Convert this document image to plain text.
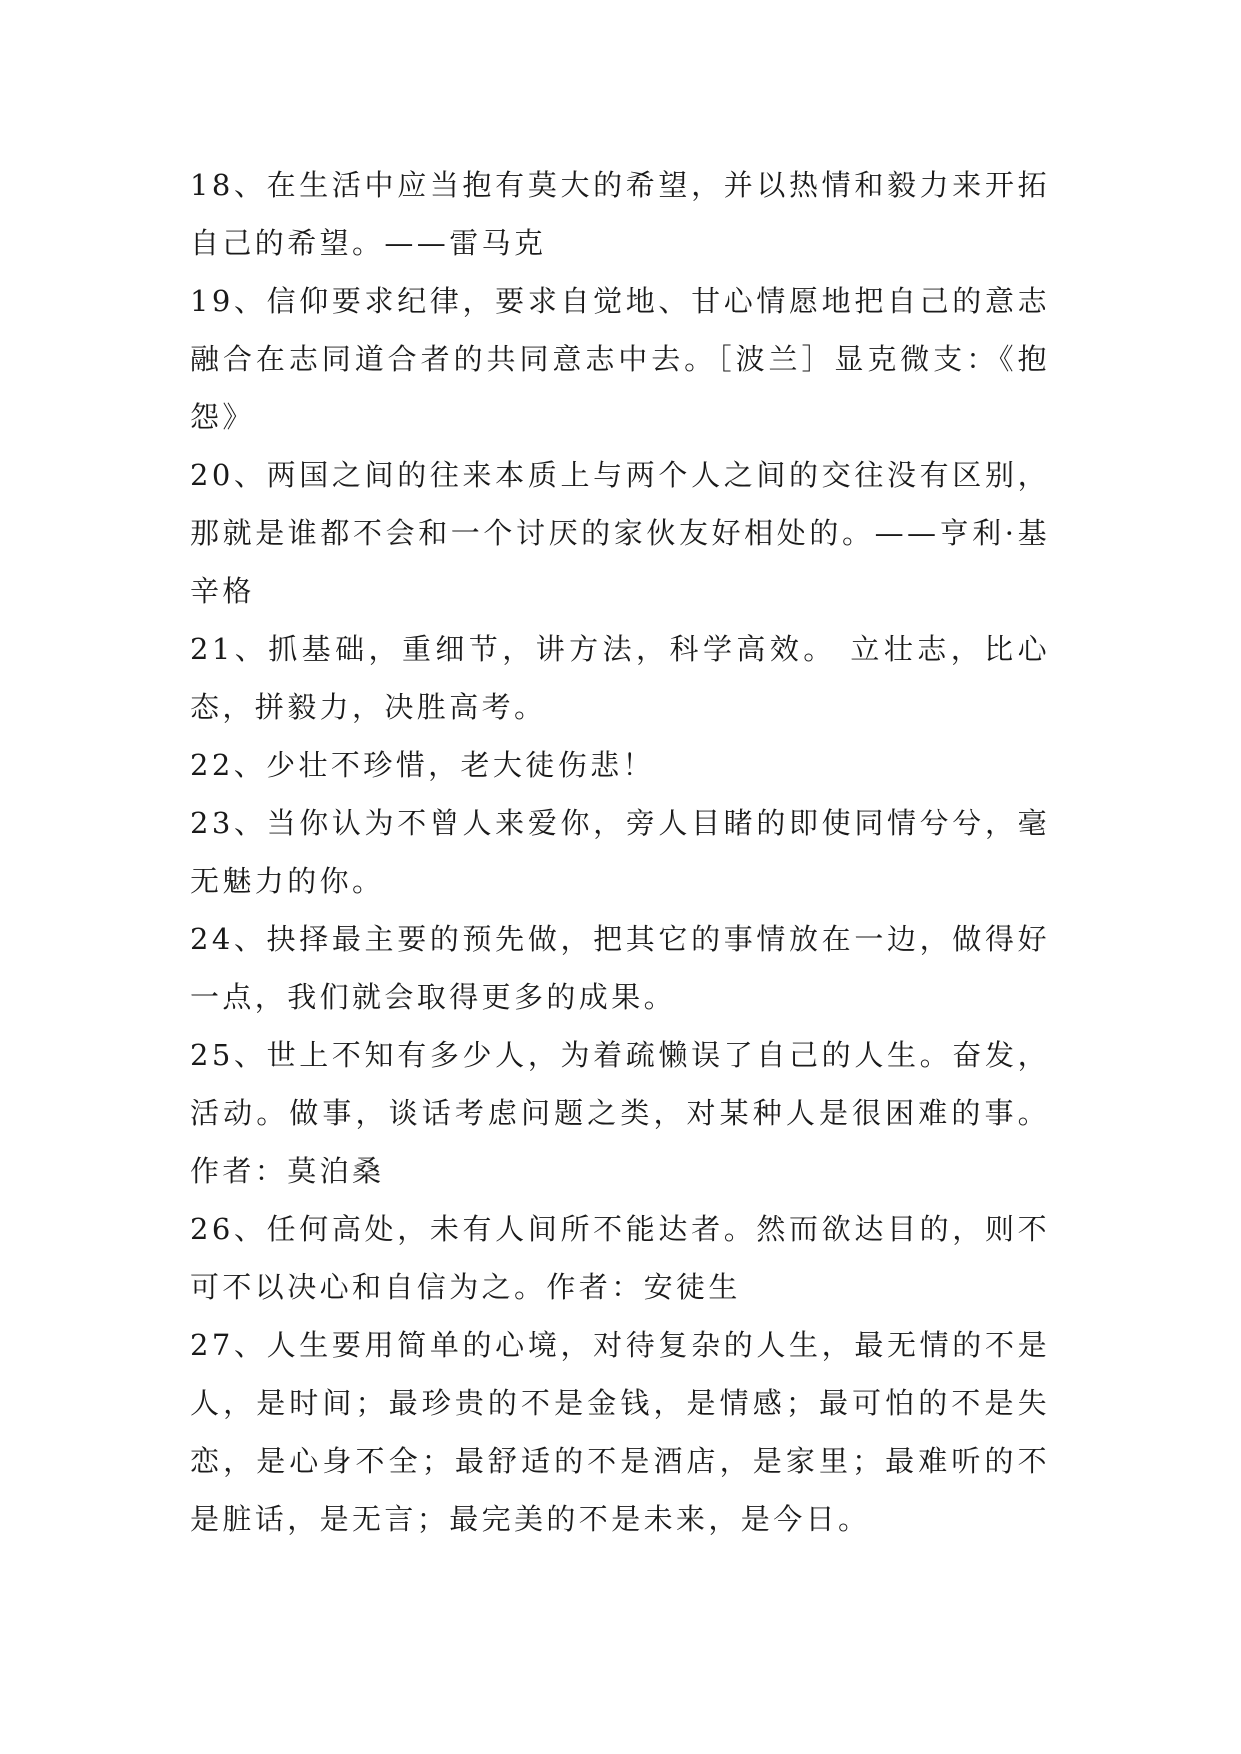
18、在生活中应当抱有莫大的希望，并以热情和毅力来开拓自己的希望。——雷马克

19、信仰要求纪律，要求自觉地、甘心情愿地把自己的意志融合在志同道合者的共同意志中去。［波兰］显克微支：《抱怨》

20、两国之间的往来本质上与两个人之间的交往没有区别，那就是谁都不会和一个讨厌的家伙友好相处的。——亨利·基辛格

21、抓基础，重细节，讲方法，科学高效。 立壮志，比心态，拼毅力，决胜高考。

22、少壮不珍惜，老大徒伤悲！

23、当你认为不曾人来爱你，旁人目睹的即使同情兮兮，毫无魅力的你。

24、抉择最主要的预先做，把其它的事情放在一边，做得好一点，我们就会取得更多的成果。

25、世上不知有多少人，为着疏懒误了自己的人生。奋发，活动。做事，谈话考虑问题之类，对某种人是很困难的事。作者：莫泊桑

26、任何高处，未有人间所不能达者。然而欲达目的，则不可不以决心和自信为之。作者：安徒生

27、人生要用简单的心境，对待复杂的人生，最无情的不是人，是时间；最珍贵的不是金钱，是情感；最可怕的不是失恋，是心身不全；最舒适的不是酒店，是家里；最难听的不是脏话，是无言；最完美的不是未来，是今日。
